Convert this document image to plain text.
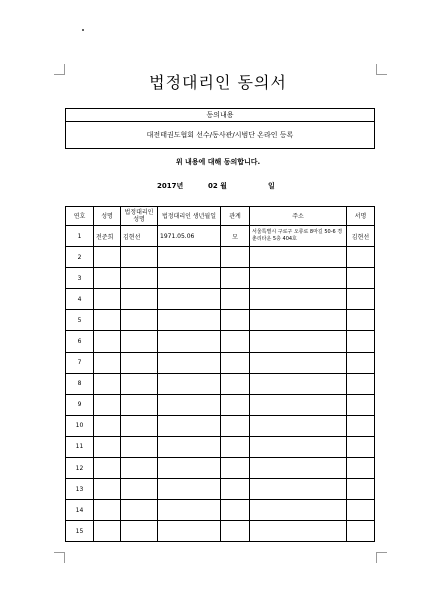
법정대리인 동의서
동의내용
대전태권도협회 선수/동사관/시범단 온라인 등록
위 내용에 대해 동의합니다.
2017년	02 월	일
연호	성명	법정대리인 성명	법정대리인 생년월일	관계	주소	서명
1	전준희	김현선	1971.05.06	모	서울특별시 구로구 오류로 8마길 50-6 경춘리타운 5층 404호	김현선
2						
3						
4						
5						
6						
7						
8						
9						
10						
11						
12						
13						
14						
15						
